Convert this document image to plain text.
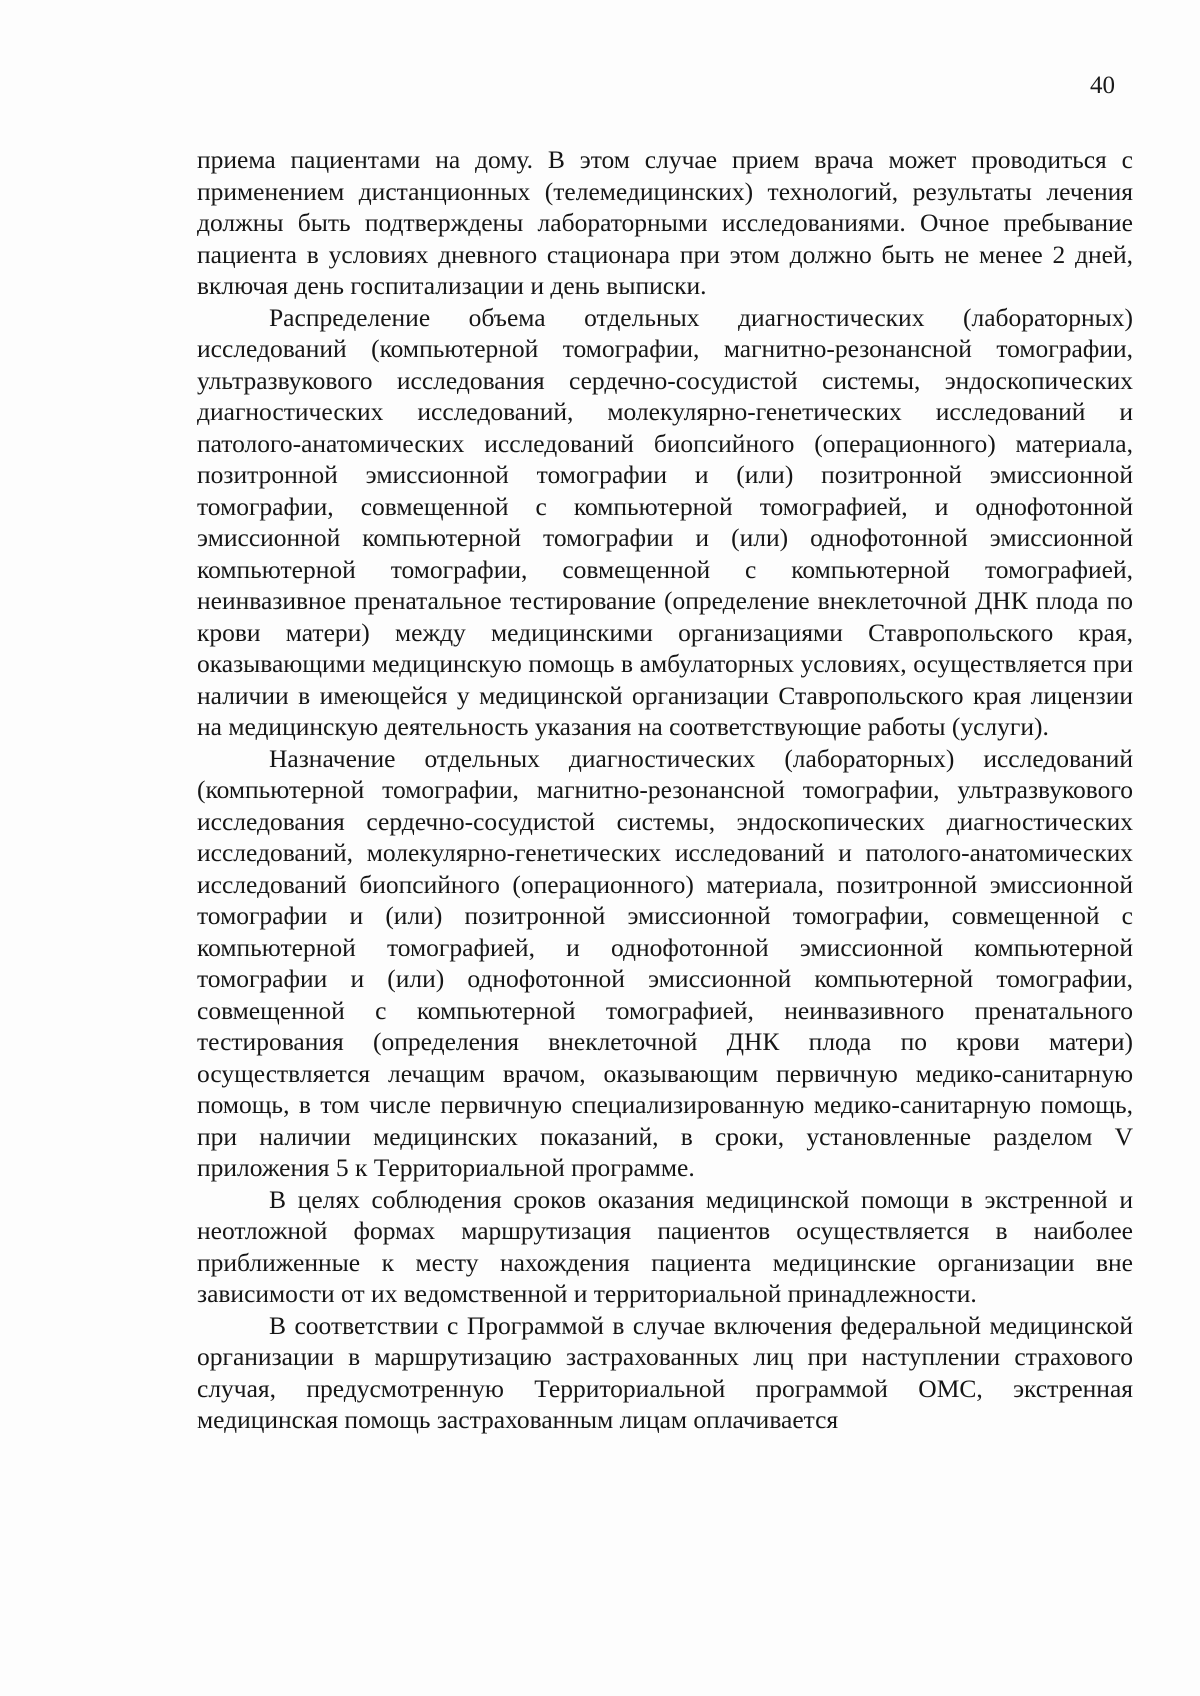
40

приема пациентами на дому. В этом случае прием врача может проводиться с применением дистанционных (телемедицинских) технологий, результаты лечения должны быть подтверждены лабораторными исследованиями. Очное пребывание пациента в условиях дневного стационара при этом должно быть не менее 2 дней, включая день госпитализации и день выписки.

Распределение объема отдельных диагностических (лабораторных) исследований (компьютерной томографии, магнитно-резонансной томографии, ультразвукового исследования сердечно-сосудистой системы, эндоскопических диагностических исследований, молекулярно-генетических исследований и патолого-анатомических исследований биопсийного (операционного) материала, позитронной эмиссионной томографии и (или) позитронной эмиссионной томографии, совмещенной с компьютерной томографией, и однофотонной эмиссионной компьютерной томографии и (или) однофотонной эмиссионной компьютерной томографии, совмещенной с компьютерной томографией, неинвазивное пренатальное тестирование (определение внеклеточной ДНК плода по крови матери) между медицинскими организациями Ставропольского края, оказывающими медицинскую помощь в амбулаторных условиях, осуществляется при наличии в имеющейся у медицинской организации Ставропольского края лицензии на медицинскую деятельность указания на соответствующие работы (услуги).

Назначение отдельных диагностических (лабораторных) исследований (компьютерной томографии, магнитно-резонансной томографии, ультразвукового исследования сердечно-сосудистой системы, эндоскопических диагностических исследований, молекулярно-генетических исследований и патолого-анатомических исследований биопсийного (операционного) материала, позитронной эмиссионной томографии и (или) позитронной эмиссионной томографии, совмещенной с компьютерной томографией, и однофотонной эмиссионной компьютерной томографии и (или) однофотонной эмиссионной компьютерной томографии, совмещенной с компьютерной томографией, неинвазивного пренатального тестирования (определения внеклеточной ДНК плода по крови матери) осуществляется лечащим врачом, оказывающим первичную медико-санитарную помощь, в том числе первичную специализированную медико-санитарную помощь, при наличии медицинских показаний, в сроки, установленные разделом V приложения 5 к Территориальной программе.

В целях соблюдения сроков оказания медицинской помощи в экстренной и неотложной формах маршрутизация пациентов осуществляется в наиболее приближенные к месту нахождения пациента медицинские организации вне зависимости от их ведомственной и территориальной принадлежности.

В соответствии с Программой в случае включения федеральной медицинской организации в маршрутизацию застрахованных лиц при наступлении страхового случая, предусмотренную Территориальной программой ОМС, экстренная медицинская помощь застрахованным лицам оплачивается
